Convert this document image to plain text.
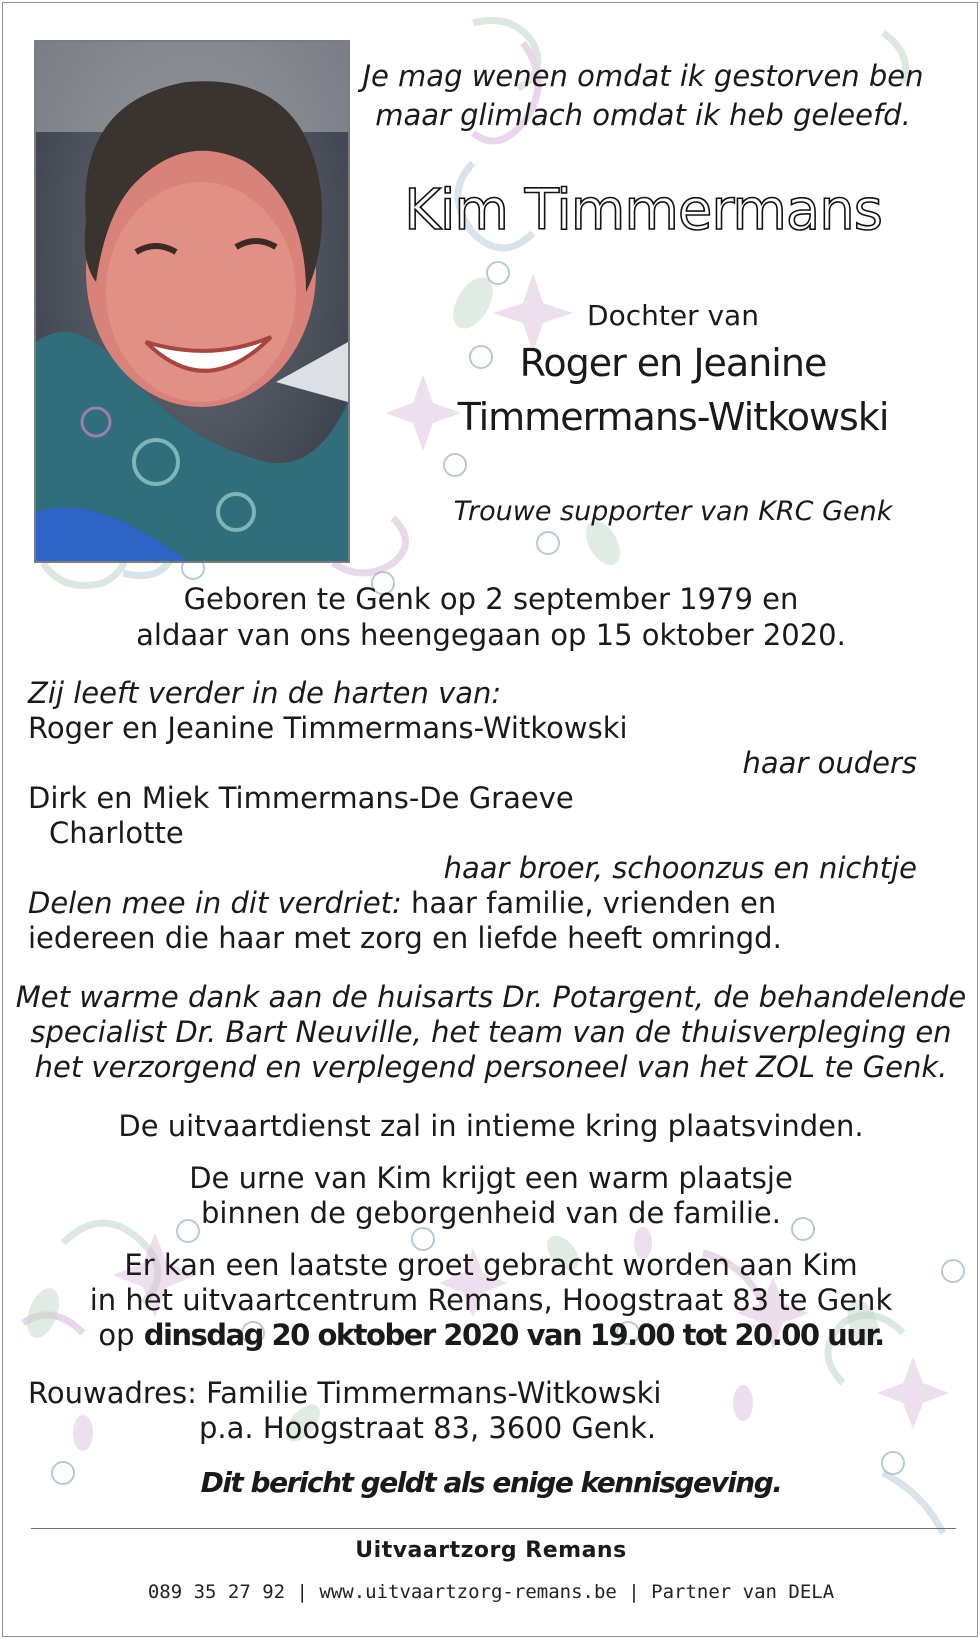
Je mag wenen omdat ik gestorven ben

maar glimlach omdat ik heb geleefd.

Kim Timmermans

Dochter van

Roger en Jeanine

Timmermans-Witkowski

Trouwe supporter van KRC Genk

Geboren te Genk op 2 september 1979 en

aldaar van ons heengegaan op 15 oktober 2020.

Zij leeft verder in de harten van:

Roger en Jeanine Timmermans-Witkowski

haar ouders

Dirk en Miek Timmermans-De Graeve

Charlotte

haar broer, schoonzus en nichtje

Delen mee in dit verdriet: haar familie, vrienden en

iedereen die haar met zorg en liefde heeft omringd.

Met warme dank aan de huisarts Dr. Potargent, de behandelende

specialist Dr. Bart Neuville, het team van de thuisverpleging en

het verzorgend en verplegend personeel van het ZOL te Genk.

De uitvaartdienst zal in intieme kring plaatsvinden.

De urne van Kim krijgt een warm plaatsje

binnen de geborgenheid van de familie.

Er kan een laatste groet gebracht worden aan Kim

in het uitvaartcentrum Remans, Hoogstraat 83 te Genk

op dinsdag 20 oktober 2020 van 19.00 tot 20.00 uur.

Rouwadres: Familie Timmermans-Witkowski

p.a. Hoogstraat 83, 3600 Genk.

Dit bericht geldt als enige kennisgeving.

Uitvaartzorg Remans

089 35 27 92 | www.uitvaartzorg-remans.be | Partner van DELA
